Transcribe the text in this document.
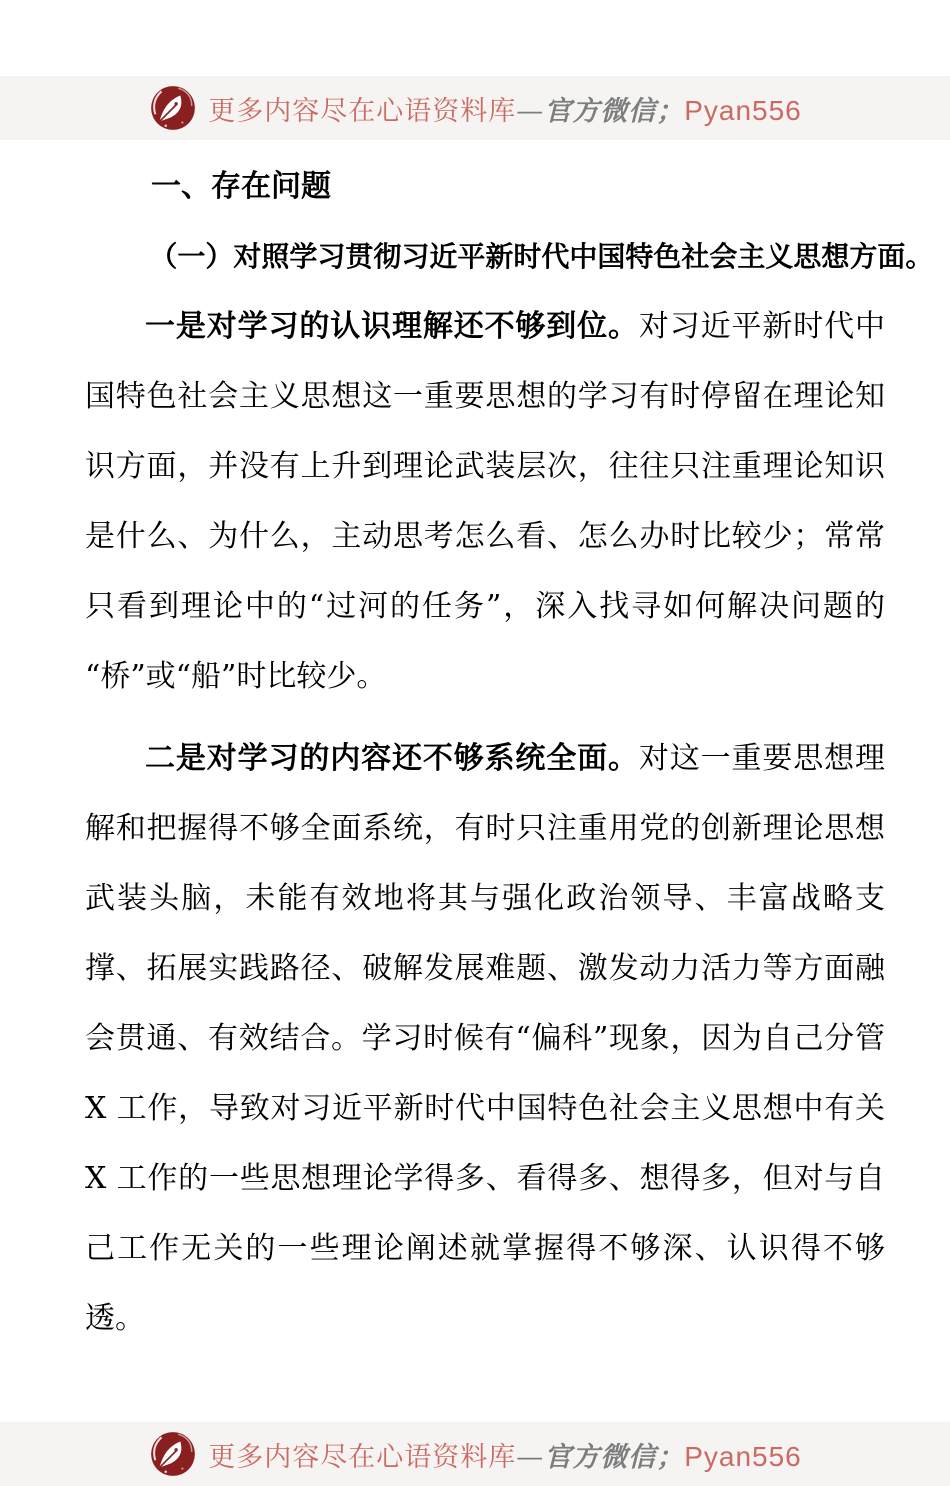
更多内容尽在心语资料库—官方微信；Pyan556
一、存在问题
（一）对照学习贯彻习近平新时代中国特色社会主义思想方面。

一是对学习的认识理解还不够到位。对习近平新时代中国特色社会主义思想这一重要思想的学习有时停留在理论知识方面，并没有上升到理论武装层次，往往只注重理论知识是什么、为什么，主动思考怎么看、怎么办时比较少；常常只看到理论中的“过河的任务”，深入找寻如何解决问题的“桥”或“船”时比较少。

二是对学习的内容还不够系统全面。对这一重要思想理解和把握得不够全面系统，有时只注重用党的创新理论思想武装头脑，未能有效地将其与强化政治领导、丰富战略支撑、拓展实践路径、破解发展难题、激发动力活力等方面融会贯通、有效结合。学习时候有“偏科”现象，因为自己分管 X 工作，导致对习近平新时代中国特色社会主义思想中有关 X 工作的一些思想理论学得多、看得多、想得多，但对与自己工作无关的一些理论阐述就掌握得不够深、认识得不够透。

更多内容尽在心语资料库—官方微信；Pyan556
